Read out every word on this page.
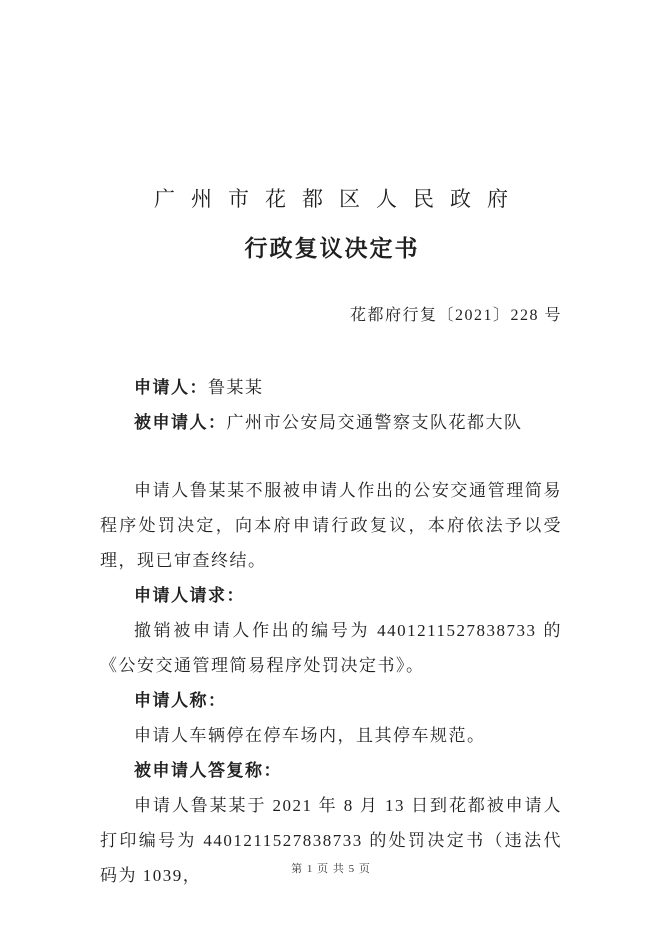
广州市花都区人民政府
行政复议决定书
花都府行复〔2021〕228 号
申请人：鲁某某
被申请人：广州市公安局交通警察支队花都大队

申请人鲁某某不服被申请人作出的公安交通管理简易程序处罚决定，向本府申请行政复议，本府依法予以受理，现已审查终结。

申请人请求：

撤销被申请人作出的编号为 4401211527838733 的《公安交通管理简易程序处罚决定书》。

申请人称：

申请人车辆停在停车场内，且其停车规范。

被申请人答复称：

申请人鲁某某于 2021 年 8 月 13 日到花都被申请人打印编号为 4401211527838733 的处罚决定书（违法代码为 1039，	第 1 页 共 5 页
